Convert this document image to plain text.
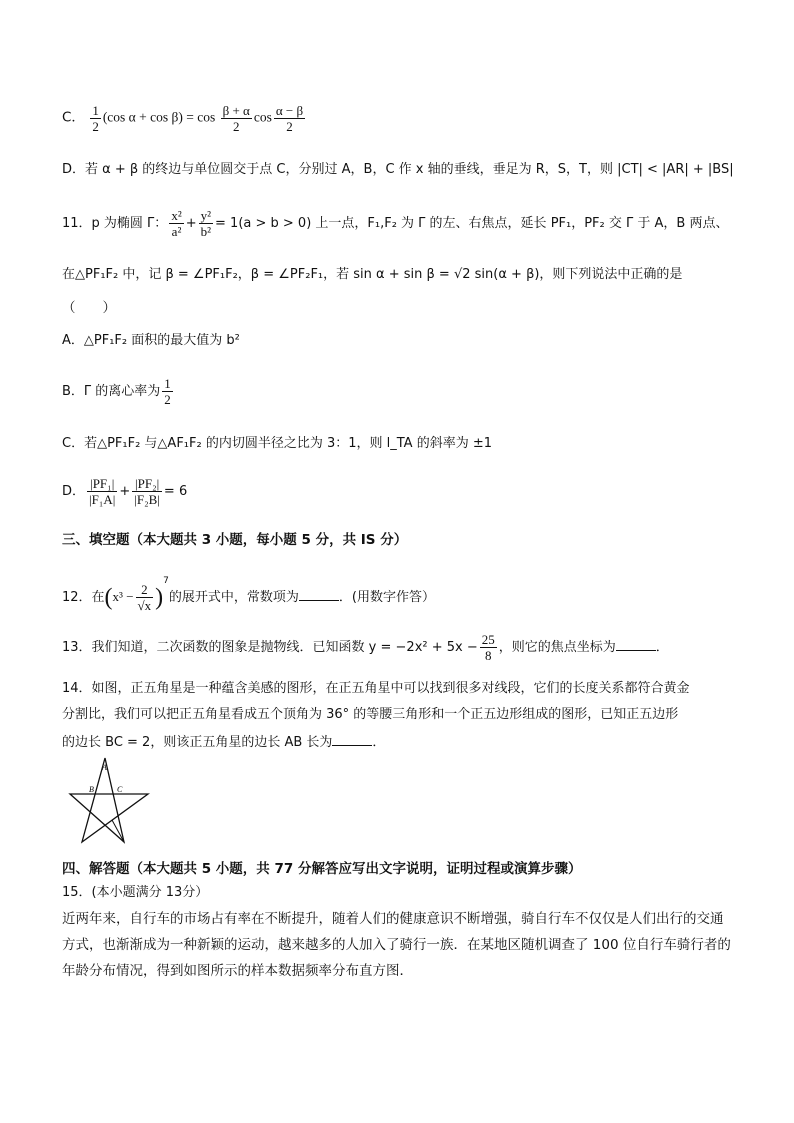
C． $\frac{1}{2} (\cos$ $\alpha + \cos \beta) = \cos \frac{\beta + \alpha}{2}$ $\cos \frac{\alpha - \beta}{2}$
D．若 α + β 的终边与单位圆交于点 C，分别过 A，B，C 作 x 轴的垂线，垂足为 R，S，T，则 |CT| < |AR| + |BS|
11．p 为椭圆 Γ： $\frac{\text{x²}}{\text{a²}} + \frac{\text{y²}}{\text{b²}} = 1(a > b > 0)$ 上一点，F₁,F₂ 为 Γ 的左、右焦点，延长 PF₁，PF₂ 交 Γ 于 A，B 两点、
在△PF₁F₂ 中，记 β = ∠PF₁F₂，β = ∠PF₂F₁，若 sin α + sin β = √2 sin(α + β)，则下列说法中正确的是
（　　）
A．△PF₁F₂ 面积的最大值为 b²
B．Γ 的离心率为 $\frac{1}{2}$
C．若△PF₁F₂ 与△AF₁F₂ 的内切圆半径之比为 3：1，则 l_TA 的斜率为 ±1
D． $\frac{\text{|PF₁|}}{\text{|F₁A|}} + \frac{\text{|PF₂|}}{\text{|F₂B|}} = 6$
三、填空题（本大题共 3 小题，每小题 5 分，共 IS 分）
12．在$(x^3 - \frac{2}{√x} )^7$的展开式中，常数项为	．(用数字作答）
13．我们知道，二次函数的图象是抛物线．已知函数 $y = -2x^2 + 5x - \frac{25}{8}$ ，则它的焦点坐标为	．
14．如图，正五角星是一种蕴含美感的图形，在正五角星中可以找到很多对线段，它们的长度关系都符合黄金
分割比，我们可以把正五角星看成五个顶角为 36° 的等腰三角形和一个正五边形组成的图形，已知正五边形
的边长 BC = 2，则该正五角星的边长 AB 长为	．
A
B	C
四、解答题（本大题共 5 小题，共 77 分解答应写出文字说明，证明过程或演算步骤）
15．(本小题满分 13分）
近两年来，自行车的市场占有率在不断提升，随着人们的健康意识不断增强，骑自行车不仅仅是人们出行的交通方式，也渐渐成为一种新颖的运动，越来越多的人加入了骑行一族．在某地区随机调查了 100 位自行车骑行者的年龄分布情况，得到如图所示的样本数据频率分布直方图．
